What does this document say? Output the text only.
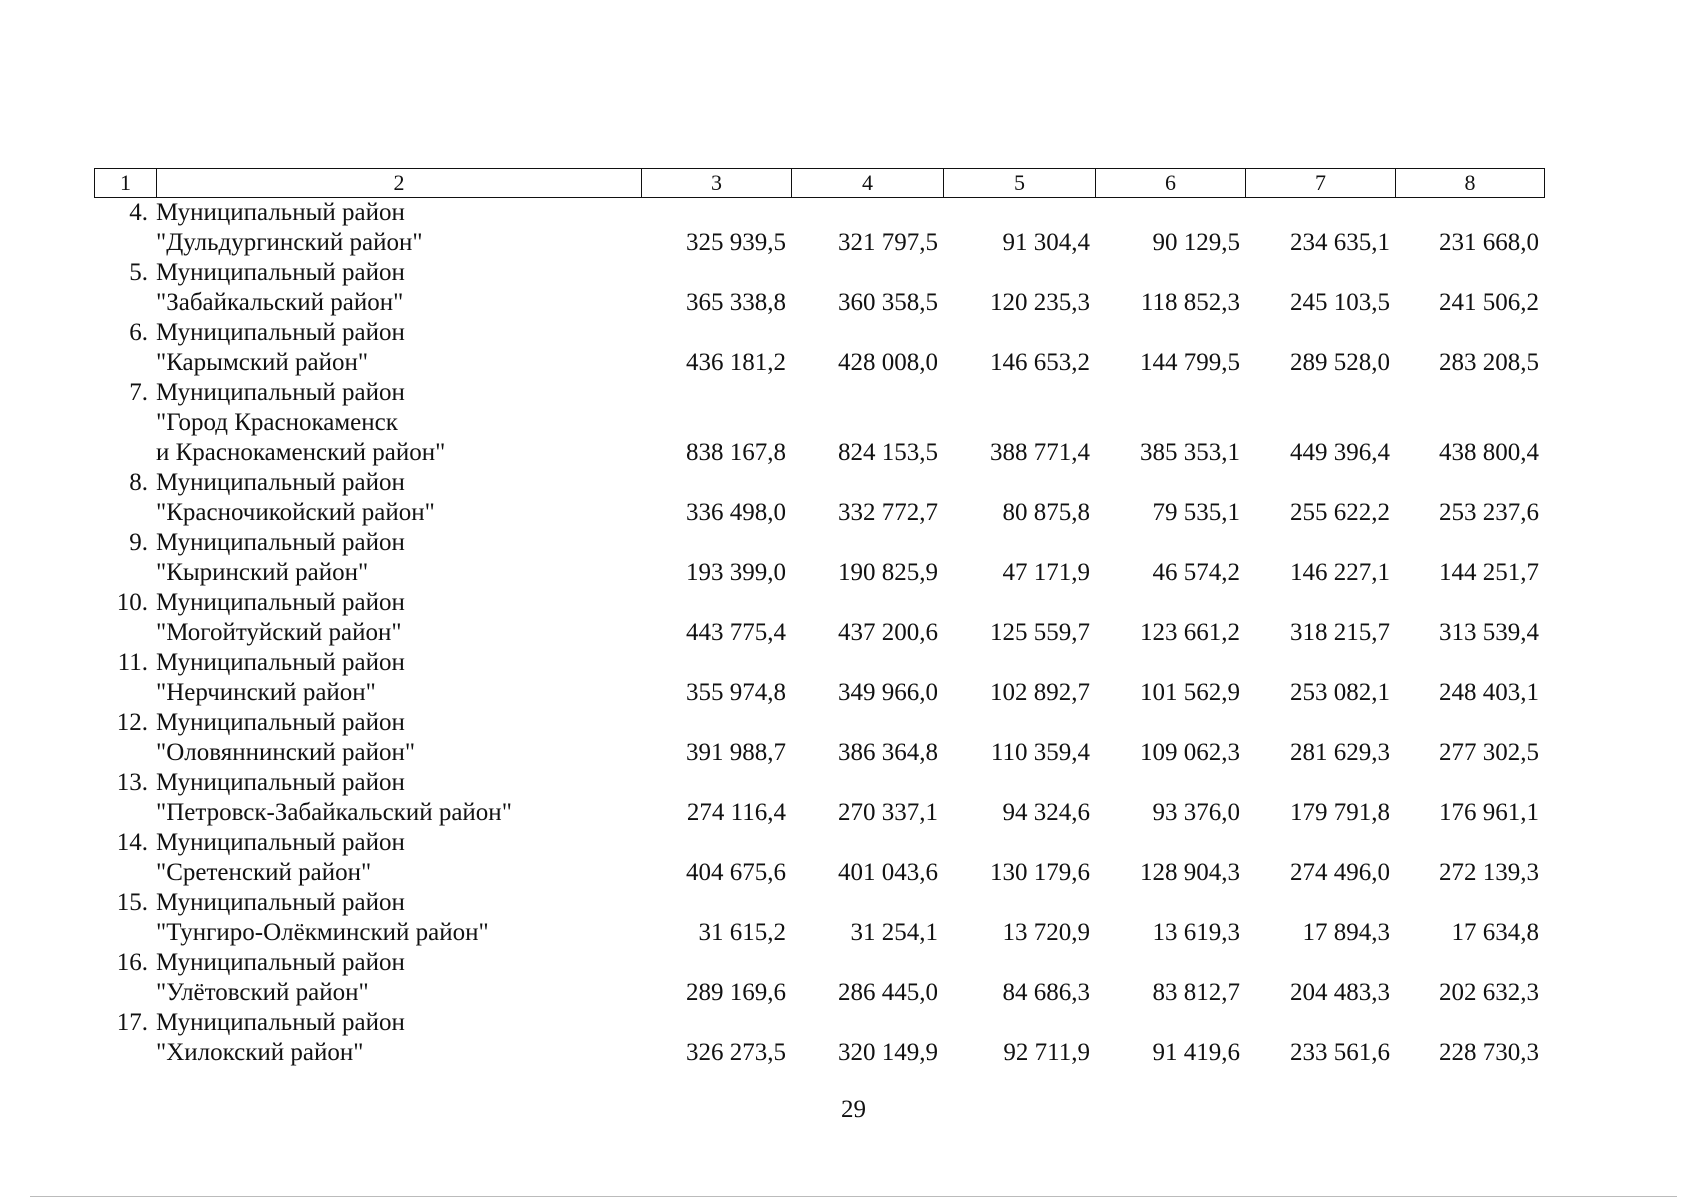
1	2	3	4	5	6	7	8
4. Муниципальный район
"Дульдургинский район"	325 939,5	321 797,5	91 304,4	90 129,5	234 635,1	231 668,0
5. Муниципальный район
"Забайкальский район"	365 338,8	360 358,5	120 235,3	118 852,3	245 103,5	241 506,2
6. Муниципальный район
"Карымский район"	436 181,2	428 008,0	146 653,2	144 799,5	289 528,0	283 208,5
7. Муниципальный район
"Город Краснокаменск
и Краснокаменский район"	838 167,8	824 153,5	388 771,4	385 353,1	449 396,4	438 800,4
8. Муниципальный район
"Красночикойский район"	336 498,0	332 772,7	80 875,8	79 535,1	255 622,2	253 237,6
9. Муниципальный район
"Кыринский район"	193 399,0	190 825,9	47 171,9	46 574,2	146 227,1	144 251,7
10. Муниципальный район
"Могойтуйский район"	443 775,4	437 200,6	125 559,7	123 661,2	318 215,7	313 539,4
11. Муниципальный район
"Нерчинский район"	355 974,8	349 966,0	102 892,7	101 562,9	253 082,1	248 403,1
12. Муниципальный район
"Оловяннинский район"	391 988,7	386 364,8	110 359,4	109 062,3	281 629,3	277 302,5
13. Муниципальный район
"Петровск-Забайкальский район"	274 116,4	270 337,1	94 324,6	93 376,0	179 791,8	176 961,1
14. Муниципальный район
"Сретенский район"	404 675,6	401 043,6	130 179,6	128 904,3	274 496,0	272 139,3
15. Муниципальный район
"Тунгиро-Олёкминский район"	31 615,2	31 254,1	13 720,9	13 619,3	17 894,3	17 634,8
16. Муниципальный район
"Улётовский район"	289 169,6	286 445,0	84 686,3	83 812,7	204 483,3	202 632,3
17. Муниципальный район
"Хилокский район"	326 273,5	320 149,9	92 711,9	91 419,6	233 561,6	228 730,3
29
